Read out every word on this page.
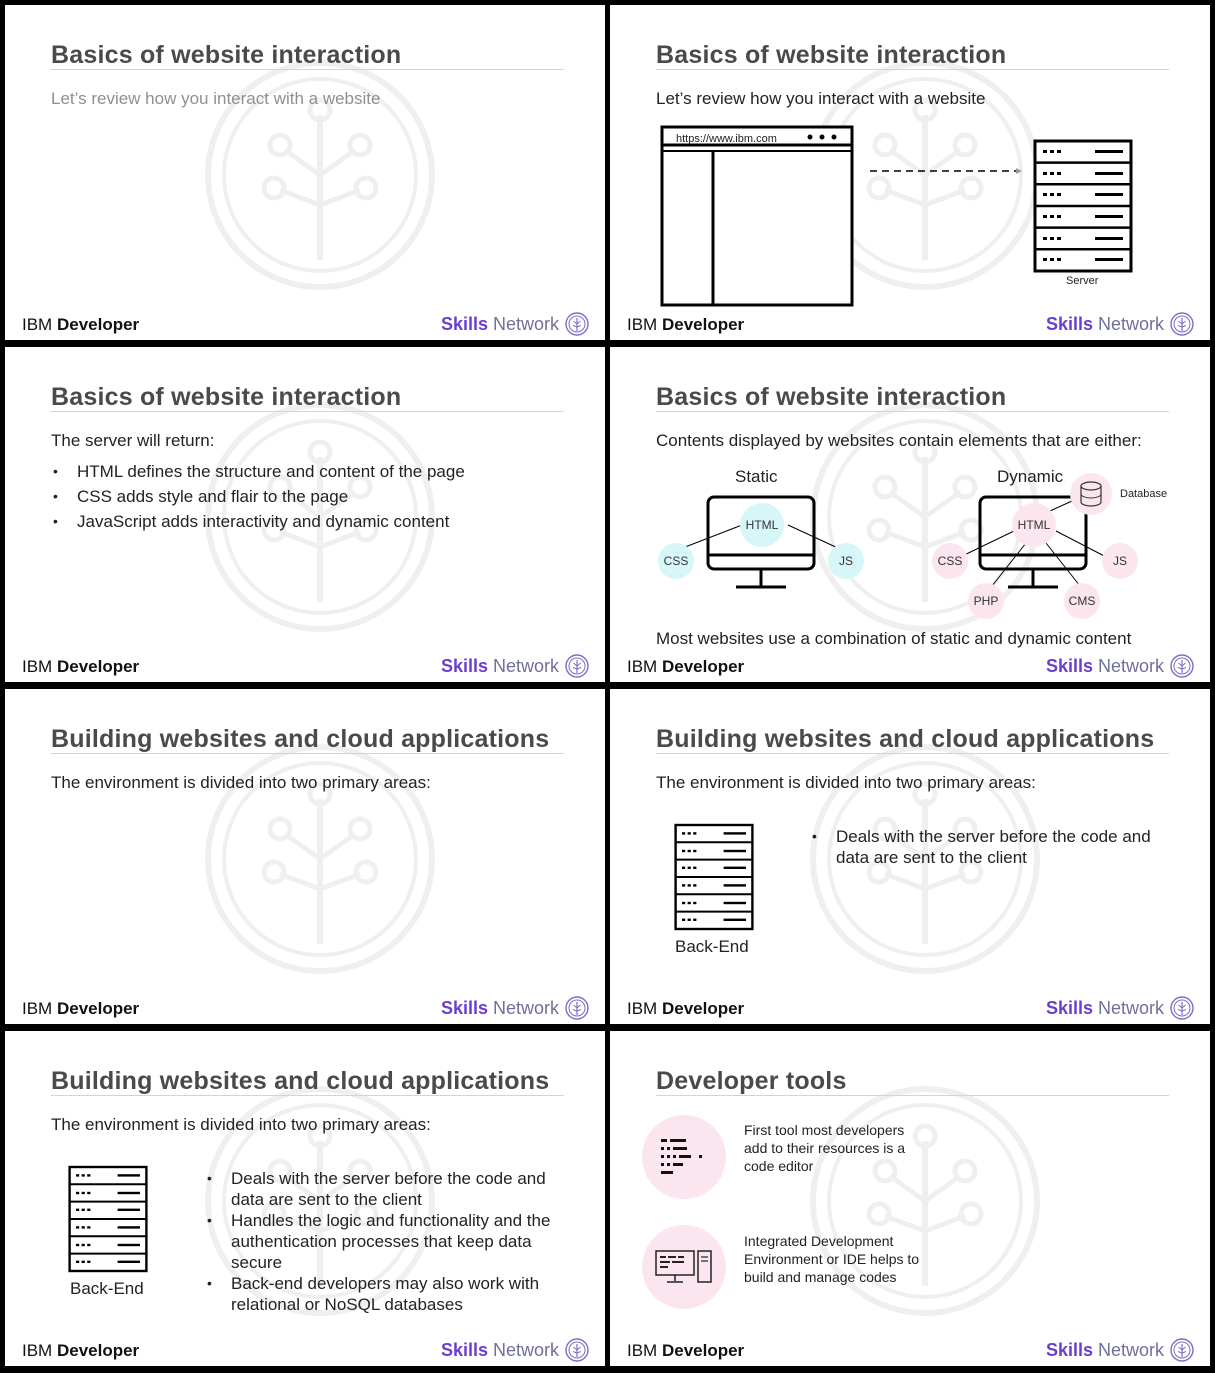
Basics of website interaction
Let’s review how you interact with a website
IBM Developer	Skills Network
Basics of website interaction
Let’s review how you interact with a website
https://www.ibm.com
Server
IBM Developer	Skills Network
Basics of website interaction
The server will return:
• HTML defines the structure and content of the page
• CSS adds style and flair to the page
• JavaScript adds interactivity and dynamic content
IBM Developer	Skills Network
Basics of website interaction
Contents displayed by websites contain elements that are either:
Static	Dynamic
HTML
CSS	JS
HTML
CSS	JS
PHP	CMS
Database
Most websites use a combination of static and dynamic content
IBM Developer	Skills Network
Building websites and cloud applications
The environment is divided into two primary areas:
IBM Developer	Skills Network
Building websites and cloud applications
The environment is divided into two primary areas:
Back-End
• Deals with the server before the code and data are sent to the client
IBM Developer	Skills Network
Building websites and cloud applications
The environment is divided into two primary areas:
Back-End
• Deals with the server before the code and data are sent to the client
• Handles the logic and functionality and the authentication processes that keep data secure
• Back-end developers may also work with relational or NoSQL databases
IBM Developer	Skills Network
Developer tools
First tool most developers add to their resources is a code editor
Integrated Development Environment or IDE helps to build and manage codes
IBM Developer	Skills Network
